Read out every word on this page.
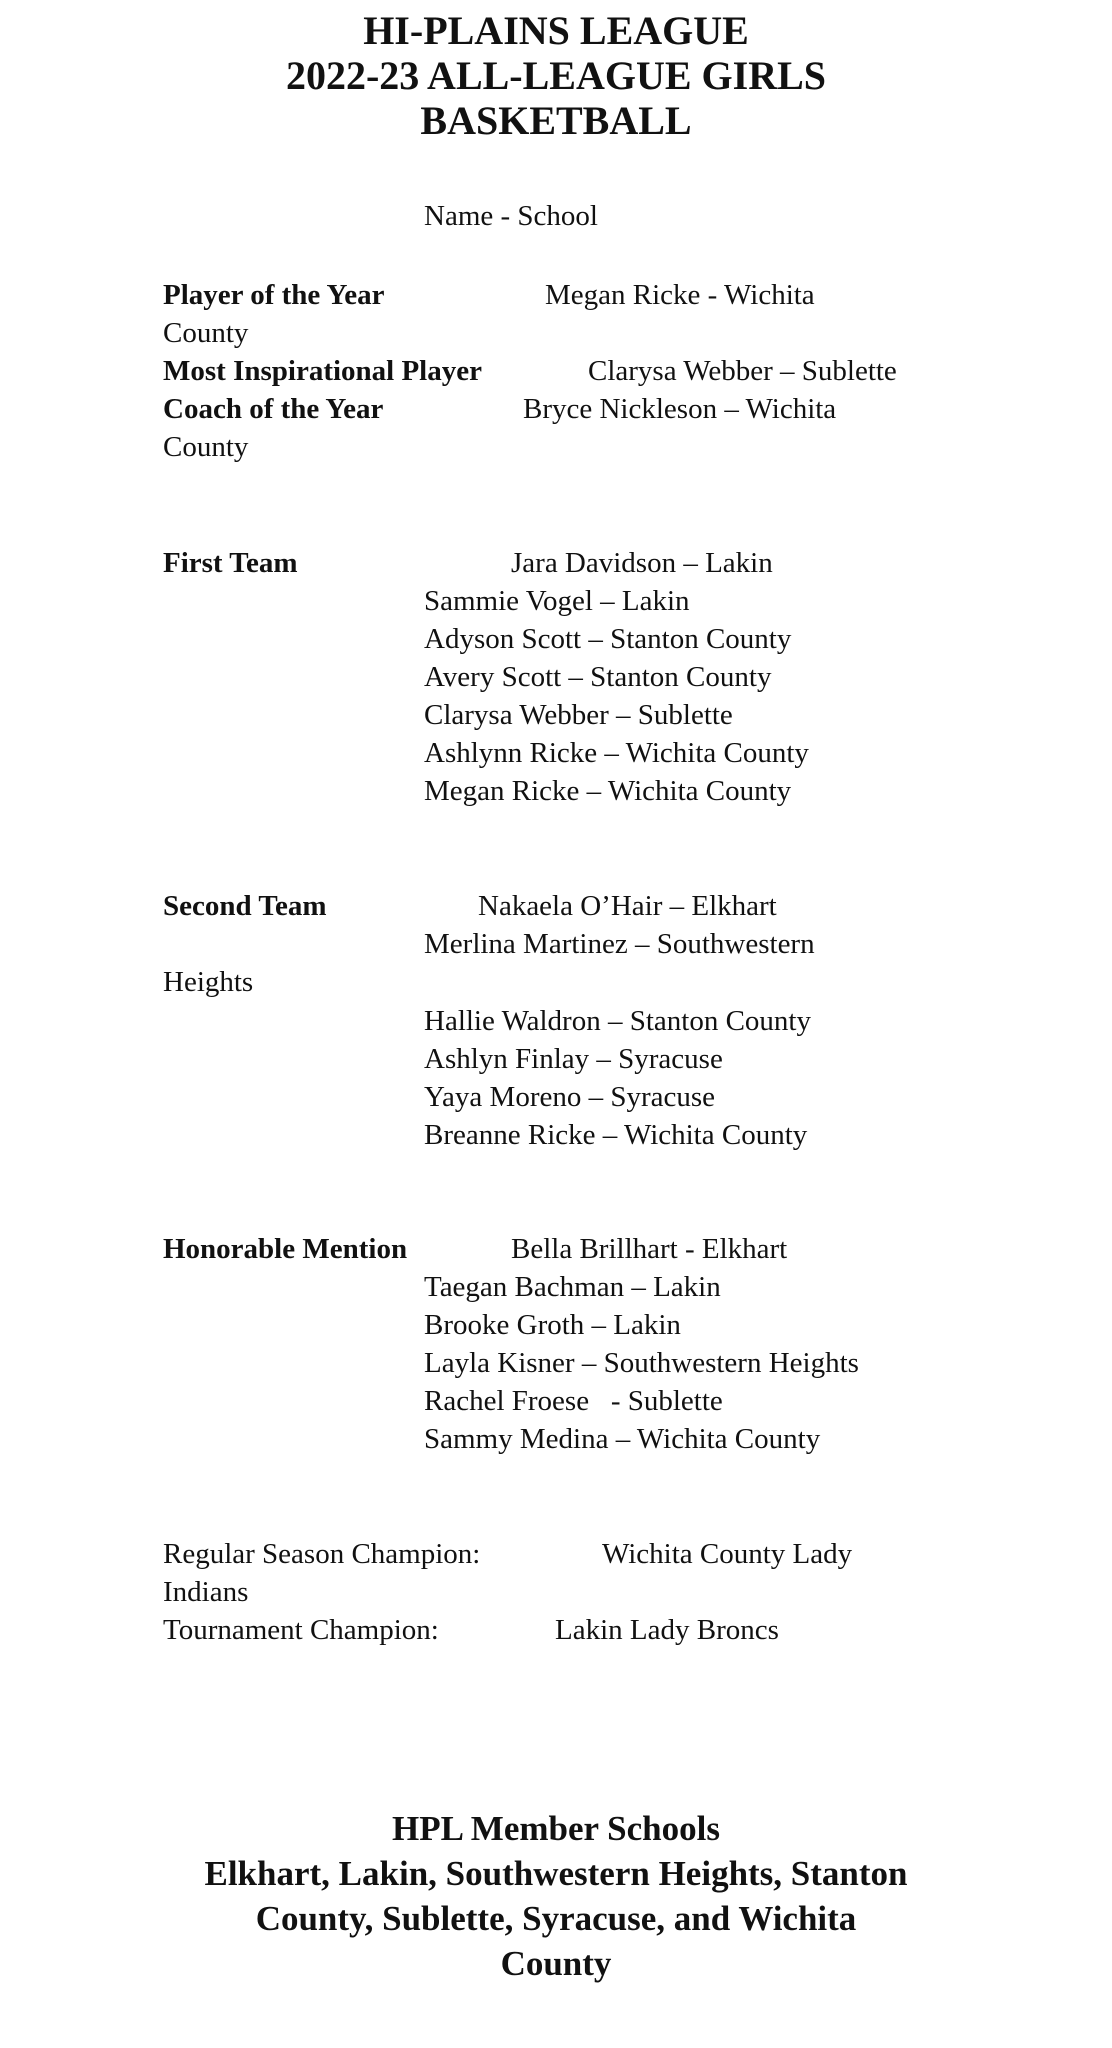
HI-PLAINS LEAGUE
2022-23 ALL-LEAGUE GIRLS
BASKETBALL
Name - School
Player of the Year	Megan Ricke - Wichita
County
Most Inspirational Player	Clarysa Webber – Sublette
Coach of the Year	Bryce Nickleson – Wichita
County
First Team	Jara Davidson – Lakin
Sammie Vogel – Lakin
Adyson Scott – Stanton County
Avery Scott – Stanton County
Clarysa Webber – Sublette
Ashlynn Ricke – Wichita County
Megan Ricke – Wichita County
Second Team	Nakaela O’Hair – Elkhart
Merlina Martinez – Southwestern
Heights
Hallie Waldron – Stanton County
Ashlyn Finlay – Syracuse
Yaya Moreno – Syracuse
Breanne Ricke – Wichita County
Honorable Mention	Bella Brillhart - Elkhart
Taegan Bachman – Lakin
Brooke Groth – Lakin
Layla Kisner – Southwestern Heights
Rachel Froese   - Sublette
Sammy Medina – Wichita County
Regular Season Champion:	Wichita County Lady
Indians
Tournament Champion:	Lakin Lady Broncs
HPL Member Schools
Elkhart, Lakin, Southwestern Heights, Stanton
County, Sublette, Syracuse, and Wichita
County
